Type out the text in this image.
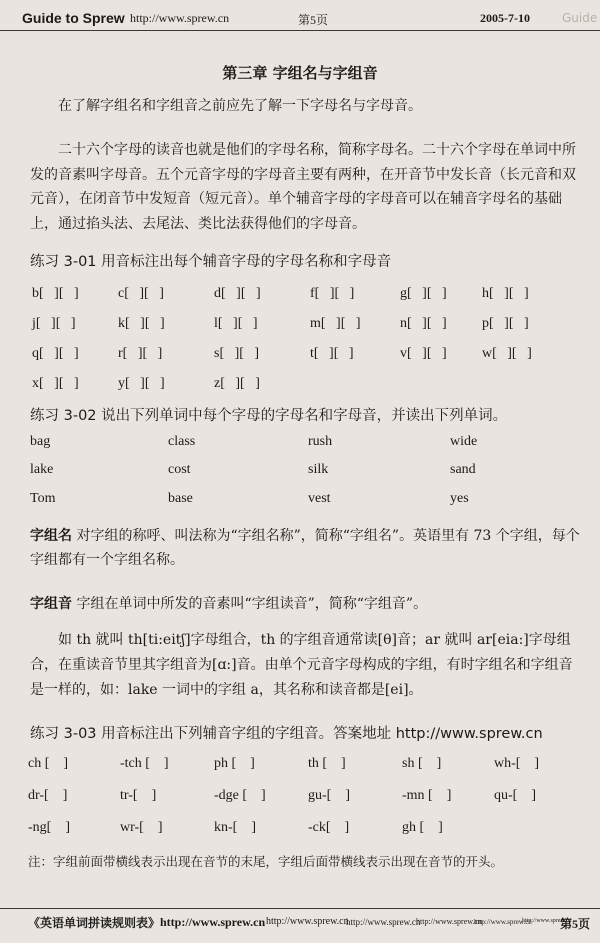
Guide to Sprew http://www.sprew.cn	第5页	2005-7-10	Guide
第三章 字组名与字组音
在了解字组名和字组音之前应先了解一下字母名与字母音。
二十六个字母的读音也就是他们的字母名称，简称字母名。二十六个字母在单词中所发的音素叫字母音。五个元音字母的字母音主要有两种，在开音节中发长音（长元音和双元音），在闭音节中发短音（短元音）。单个辅音字母的字母音可以在辅音字母名的基础上，通过掐头法、去尾法、类比法获得他们的字母音。
练习 3-01 用音标注出每个辅音字母的字母名称和字母音
b[   ][   ]	c[   ][   ]	d[   ][   ]	f[   ][   ]	g[   ][   ]	h[   ][   ]
j[   ][   ]	k[   ][   ]	l[   ][   ]	m[   ][   ]	n[   ][   ]	p[   ][   ]
q[   ][   ]	r[   ][   ]	s[   ][   ]	t[   ][   ]	v[   ][   ]	w[   ][   ]
x[   ][   ]	y[   ][   ]	z[   ][   ]
练习 3-02 说出下列单词中每个字母的字母名和字母音，并读出下列单词。
bag	class	rush	wide
lake	cost	silk	sand
Tom	base	vest	yes
字组名 对字组的称呼、叫法称为“字组名称”，简称“字组名”。英语里有 73 个字组，每个字组都有一个字组名称。
字组音 字组在单词中所发的音素叫“字组读音”，简称“字组音”。
如 th 就叫 th[ti:eitʃ]字母组合，th 的字组音通常读[θ]音；ar 就叫 ar[eia:]字母组合，在重读音节里其字组音为[ɑ:]音。由单个元音字母构成的字组，有时字组名和字组音是一样的，如：lake 一词中的字组 a，其名称和读音都是[ei]。
练习 3-03 用音标注出下列辅音字组的字组音。答案地址 http://www.sprew.cn
ch [    ]	-tch [    ]	ph [    ]	th [    ]	sh [    ]	wh-[    ]
dr-[    ]	tr-[    ]	-dge [    ]	gu-[    ]	-mn [    ]	qu-[    ]
-ng[    ]	wr-[    ]	kn-[    ]	-ck[    ]	gh [    ]
注：字组前面带横线表示出现在音节的末尾，字组后面带横线表示出现在音节的开头。
《英语单词拼读规则表》 http://www.sprew.cn http://www.sprew.cn
http://www.sprew.cn
http://www.sprew.cn
http://www.sprew.cn
http://www.sprew.cn
第5页
